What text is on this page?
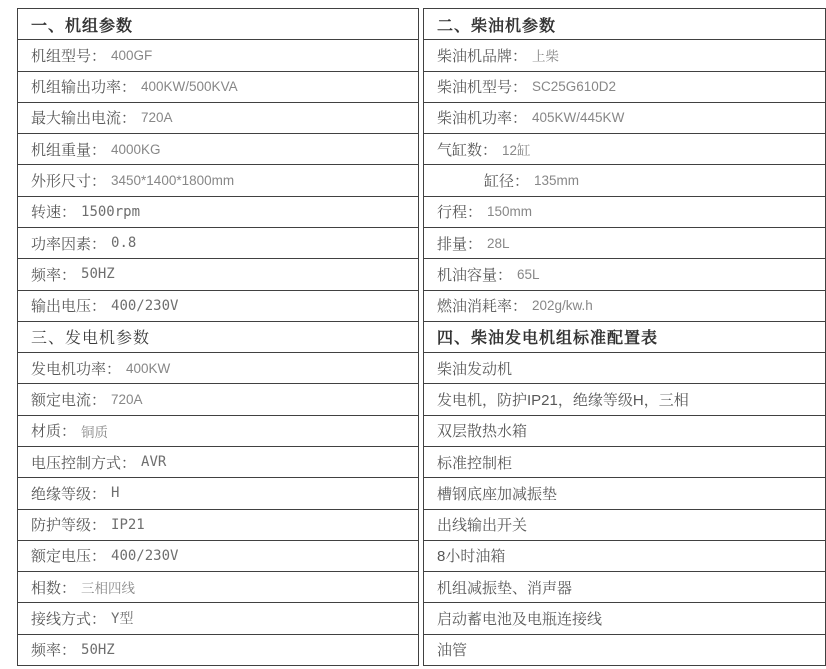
一、机组参数
机组型号： 400GF
机组输出功率： 400KW/500KVA
最大输出电流： 720A
机组重量： 4000KG
外形尺寸： 3450*1400*1800mm
转速： 1500rpm
功率因素： 0.8
频率： 50HZ
输出电压： 400/230V
三、发电机参数
发电机功率： 400KW
额定电流： 720A
材质： 铜质
电压控制方式： AVR
绝缘等级： H
防护等级： IP21
额定电压： 400/230V
相数： 三相四线
接线方式： Y型
频率： 50HZ
二、柴油机参数
柴油机品牌： 上柴
柴油机型号： SC25G610D2
柴油机功率： 405KW/445KW
气缸数： 12缸
缸径： 135mm
行程： 150mm
排量： 28L
机油容量： 65L
燃油消耗率： 202g/kw.h
四、柴油发电机组标准配置表
柴油发动机
发电机，防护IP21，绝缘等级H，三相
双层散热水箱
标准控制柜
槽钢底座加减振垫
出线输出开关
8小时油箱
机组减振垫、消声器
启动蓄电池及电瓶连接线
油管
